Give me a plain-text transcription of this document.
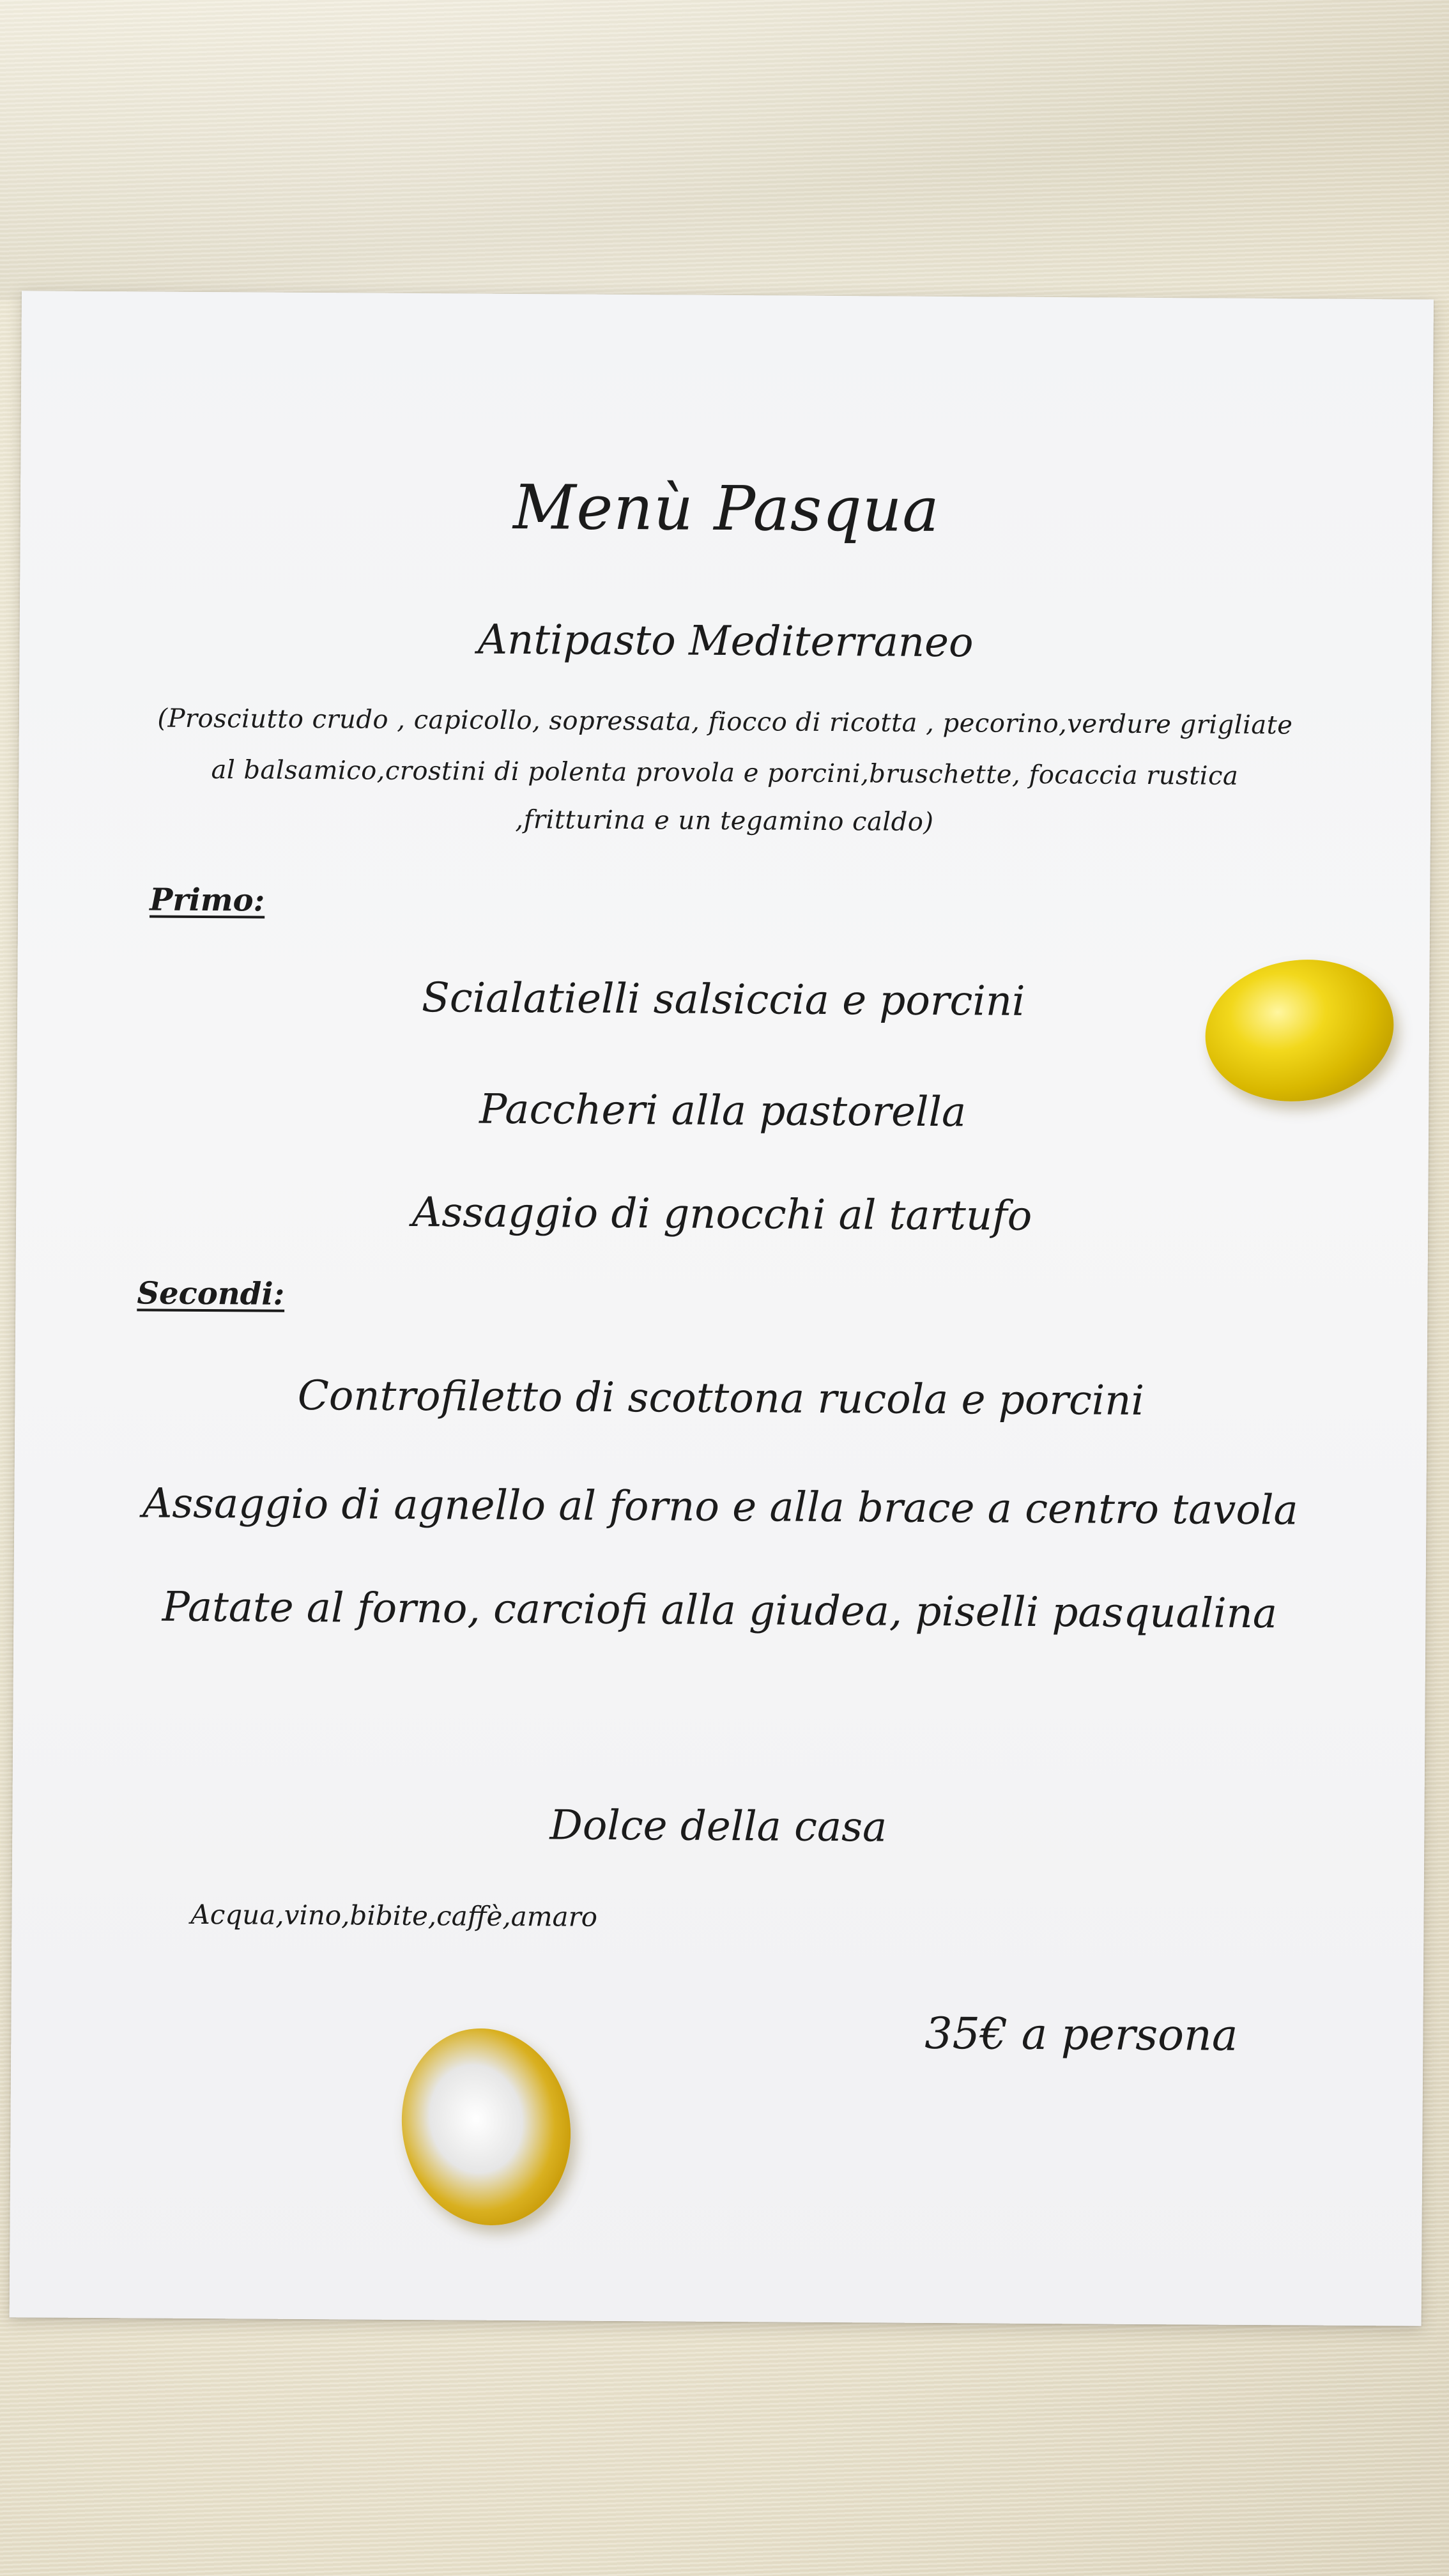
Menù Pasqua
Antipasto Mediterraneo
(Prosciutto crudo , capicollo, sopressata, fiocco di ricotta , pecorino,verdure grigliate
al balsamico,crostini di polenta provola e porcini,bruschette, focaccia rustica
,fritturina e un tegamino caldo)
Primo:
Scialatielli salsiccia e porcini
Paccheri alla pastorella
Assaggio di gnocchi al tartufo
Secondi:
Controfiletto di scottona rucola e porcini
Assaggio di agnello al forno e alla brace a centro tavola
Patate al forno, carciofi alla giudea, piselli pasqualina
Dolce della casa
Acqua,vino,bibite,caffè,amaro
35€ a persona
